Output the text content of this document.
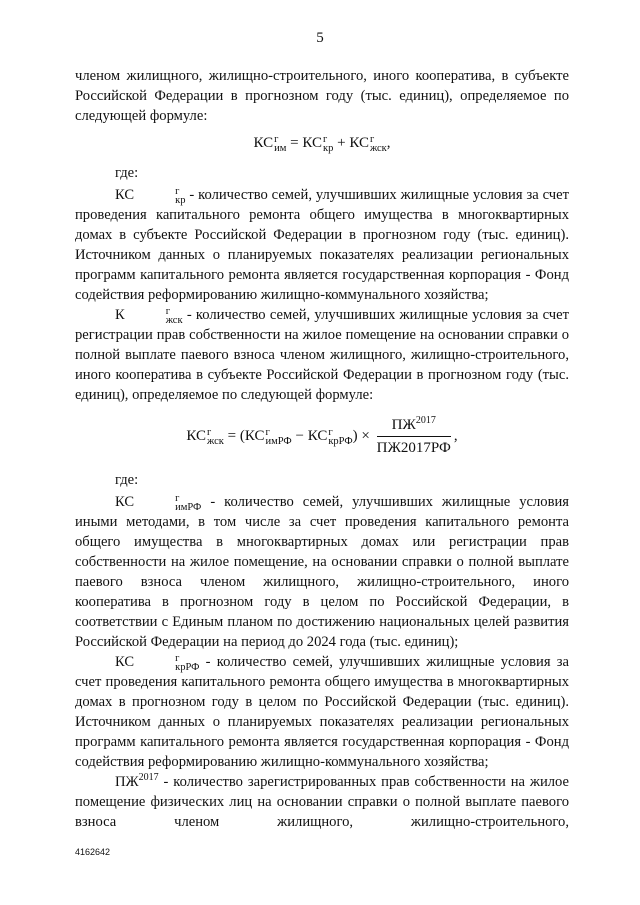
5

членом жилищного, жилищно-строительного, иного кооператива, в субъекте Российской Федерации в прогнозном году (тыс. единиц), определяемое по следующей формуле:

КС г
им = КС г
кр + КС г
жск ,

где:

КС	г
кр - количество семей, улучшивших жилищные условия за счет проведения капитального ремонта общего имущества в многоквартирных домах в субъекте Российской Федерации в прогнозном году (тыс. единиц). Источником данных о планируемых показателях реализации региональных программ капитального ремонта является государственная корпорация - Фонд содействия реформированию жилищно-коммунального хозяйства;

К	г
жск - количество семей, улучшивших жилищные условия за счет регистрации прав собственности на жилое помещение на основании справки о полной выплате паевого взноса членом жилищного, жилищно-строительного, иного кооператива в субъекте Российской Федерации в прогнозном году (тыс. единиц), определяемое по следующей формуле:

КС г
жск = (КС г
имРФ − КС г
крРФ ) × $\frac{ПЖ^{2017}}{ПЖ2017РФ}$ ,

где:

КС	г
имРФ - количество семей, улучшивших жилищные условия иными методами, в том числе за счет проведения капитального ремонта общего имущества в многоквартирных домах или регистрации прав собственности на жилое помещение, на основании справки о полной выплате паевого взноса членом жилищного, жилищно-строительного, иного кооператива в прогнозном году в целом по Российской Федерации, в соответствии с Единым планом по достижению национальных целей развития Российской Федерации на период до 2024 года (тыс. единиц);

КС	г
крРФ - количество семей, улучшивших жилищные условия за счет проведения капитального ремонта общего имущества в многоквартирных домах в прогнозном году в целом по Российской Федерации (тыс. единиц). Источником данных о планируемых показателях реализации региональных программ капитального ремонта является государственная корпорация - Фонд содействия реформированию жилищно-коммунального хозяйства;

$ПЖ^{2017}$ - количество зарегистрированных прав собственности на жилое помещение физических лиц на основании справки о полной выплате паевого взноса членом жилищного, жилищно-строительного,

4162642
